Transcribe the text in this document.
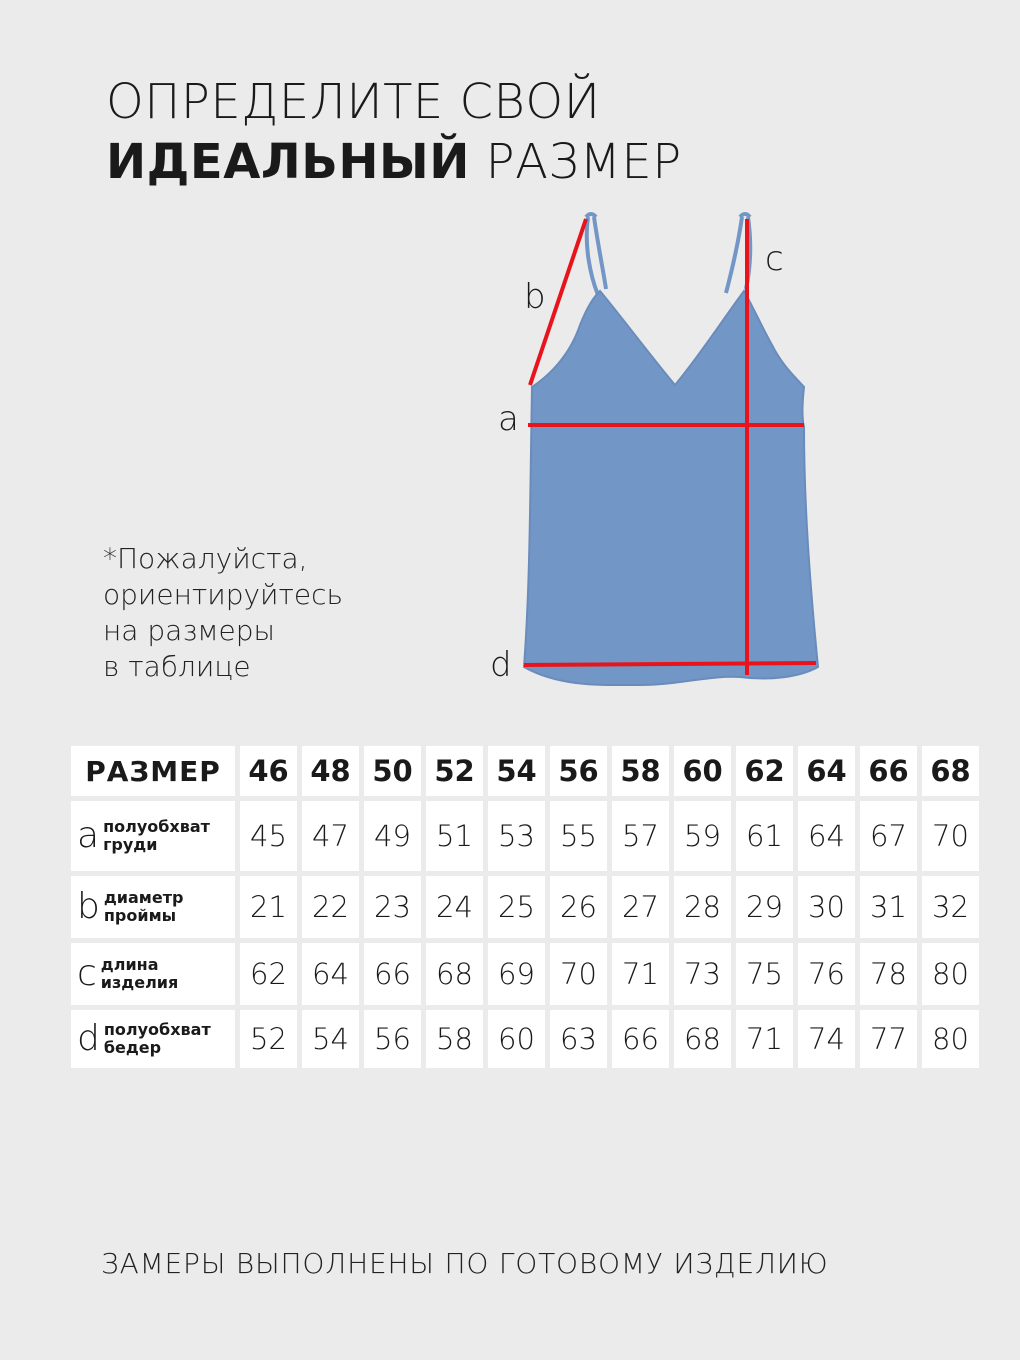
ОПРЕДЕЛИТЕ СВОЙ
ИДЕАЛЬНЫЙ РАЗМЕР
*Пожалуйста,
ориентируйтесь
на размеры
в таблице
b
a
c
d
РАЗМЕР	46	48	50	52	54	56	58	60	62	64	66	68

a полуобхват
груди	45	47	49	51	53	55	57	59	61	64	67	70

b диаметр
проймы	21	22	23	24	25	26	27	28	29	30	31	32

c длина
изделия	62	64	66	68	69	70	71	73	75	76	78	80

d полуобхват
бедер	52	54	56	58	60	63	66	68	71	74	77	80
ЗАМЕРЫ ВЫПОЛНЕНЫ ПО ГОТОВОМУ ИЗДЕЛИЮ
